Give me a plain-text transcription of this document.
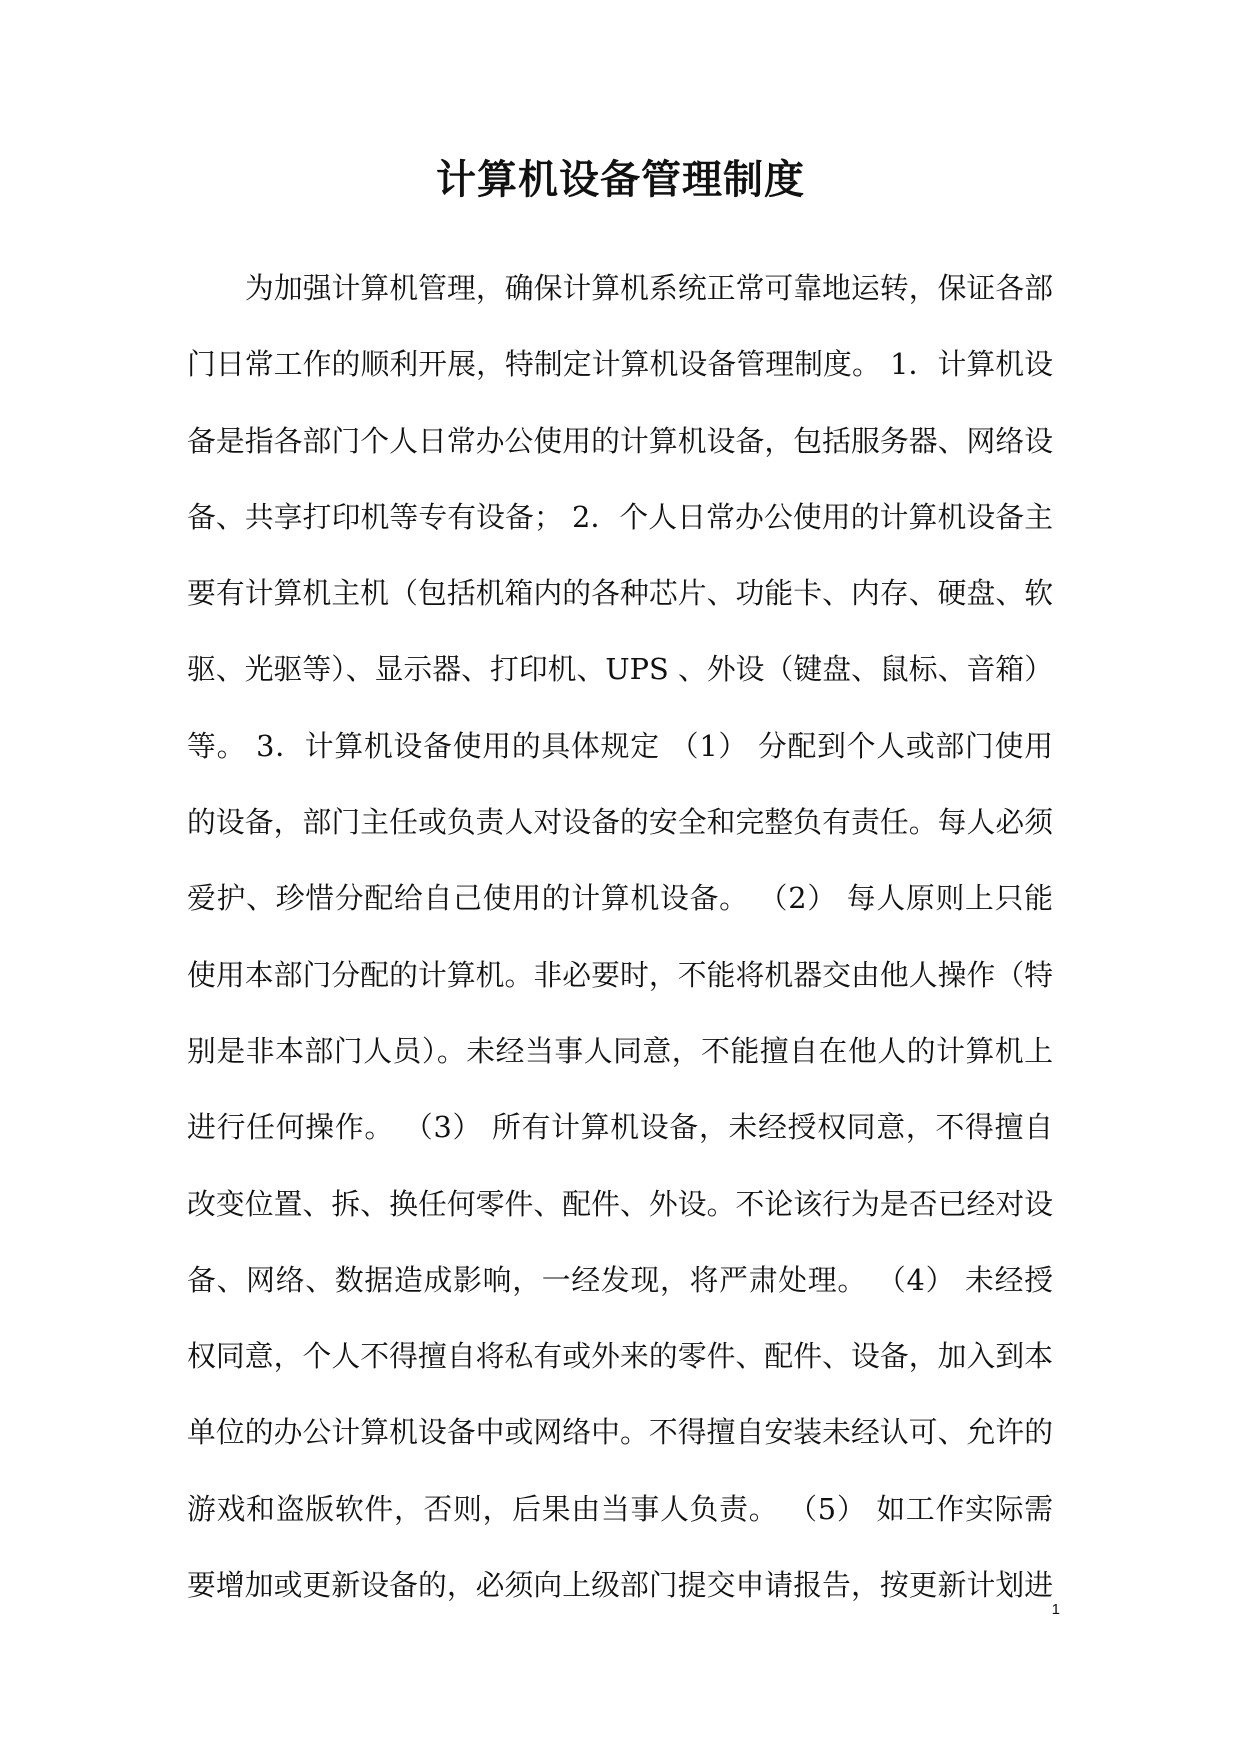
计算机设备管理制度
为加强计算机管理，确保计算机系统正常可靠地运转，保证各部
门日常工作的顺利开展，特制定计算机设备管理制度。 1．计算机设
备是指各部门个人日常办公使用的计算机设备，包括服务器、网络设
备、共享打印机等专有设备； 2．个人日常办公使用的计算机设备主
要有计算机主机（包括机箱内的各种芯片、功能卡、内存、硬盘、软
驱、光驱等）、显示器、打印机、UPS 、外设（键盘、鼠标、音箱）
等。 3．计算机设备使用的具体规定 （1） 分配到个人或部门使用
的设备，部门主任或负责人对设备的安全和完整负有责任。每人必须
爱护、珍惜分配给自己使用的计算机设备。 （2） 每人原则上只能
使用本部门分配的计算机。非必要时，不能将机器交由他人操作（特
别是非本部门人员）。未经当事人同意，不能擅自在他人的计算机上
进行任何操作。 （3） 所有计算机设备，未经授权同意，不得擅自
改变位置、拆、换任何零件、配件、外设。不论该行为是否已经对设
备、网络、数据造成影响，一经发现，将严肃处理。 （4） 未经授
权同意，个人不得擅自将私有或外来的零件、配件、设备，加入到本
单位的办公计算机设备中或网络中。不得擅自安装未经认可、允许的
游戏和盗版软件，否则，后果由当事人负责。 （5） 如工作实际需
要增加或更新设备的，必须向上级部门提交申请报告，按更新计划进
1
